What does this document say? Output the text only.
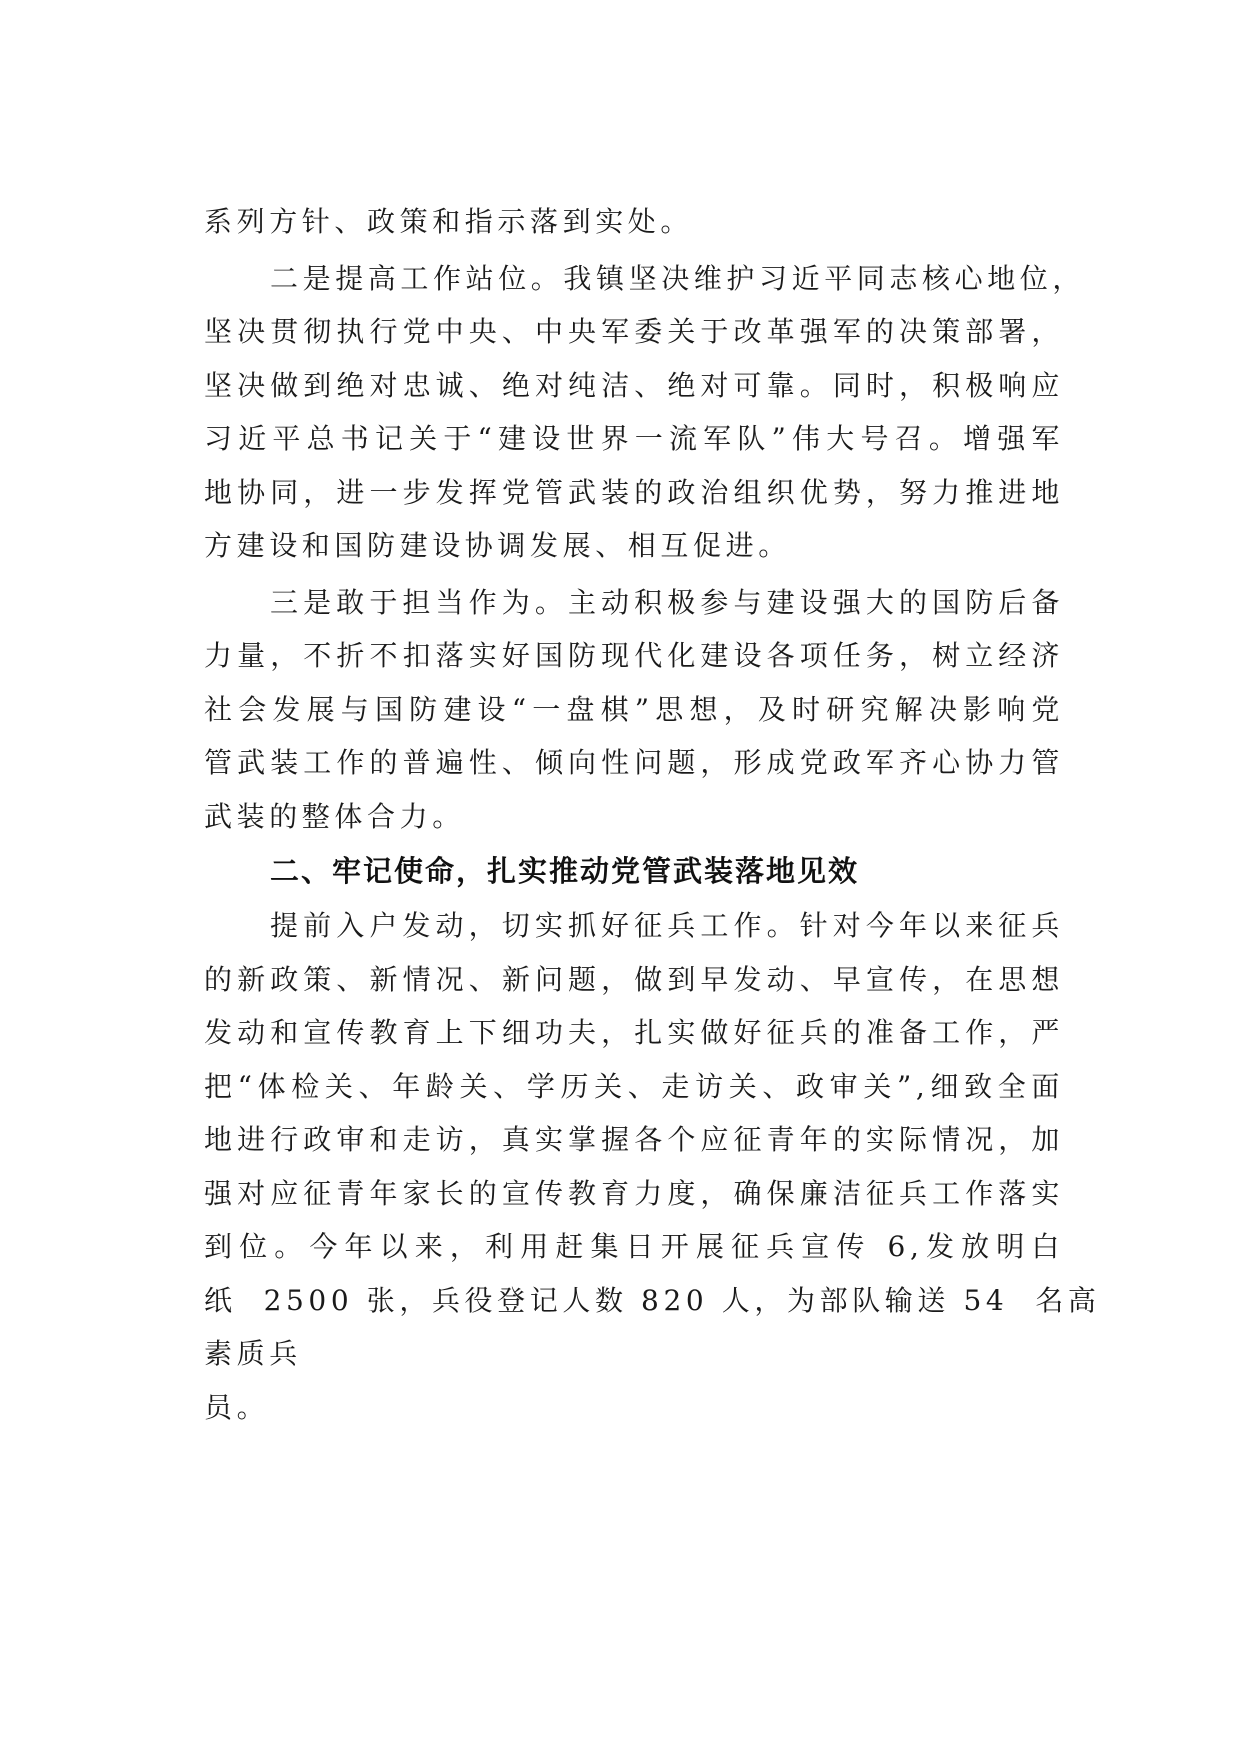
系列方针、政策和指示落到实处。
二是提高工作站位。我镇坚决维护习近平同志核心地位，
坚决贯彻执行党中央、中央军委关于改革强军的决策部署，
坚决做到绝对忠诚、绝对纯洁、绝对可靠。同时，积极响应
习近平总书记关于“建设世界一流军队”伟大号召。增强军
地协同，进一步发挥党管武装的政治组织优势，努力推进地
方建设和国防建设协调发展、相互促进。
三是敢于担当作为。主动积极参与建设强大的国防后备
力量，不折不扣落实好国防现代化建设各项任务，树立经济
社会发展与国防建设“一盘棋”思想，及时研究解决影响党
管武装工作的普遍性、倾向性问题，形成党政军齐心协力管
武装的整体合力。
二、牢记使命，扎实推动党管武装落地见效
提前入户发动，切实抓好征兵工作。针对今年以来征兵
的新政策、新情况、新问题，做到早发动、早宣传，在思想
发动和宣传教育上下细功夫，扎实做好征兵的准备工作，严
把“体检关、年龄关、学历关、走访关、政审关”,细致全面
地进行政审和走访，真实掌握各个应征青年的实际情况，加
强对应征青年家长的宣传教育力度，确保廉洁征兵工作落实
到位。今年以来，利用赶集日开展征兵宣传 6,发放明白
纸  2500 张，兵役登记人数 820 人，为部队输送 54  名高
素质兵
员。
